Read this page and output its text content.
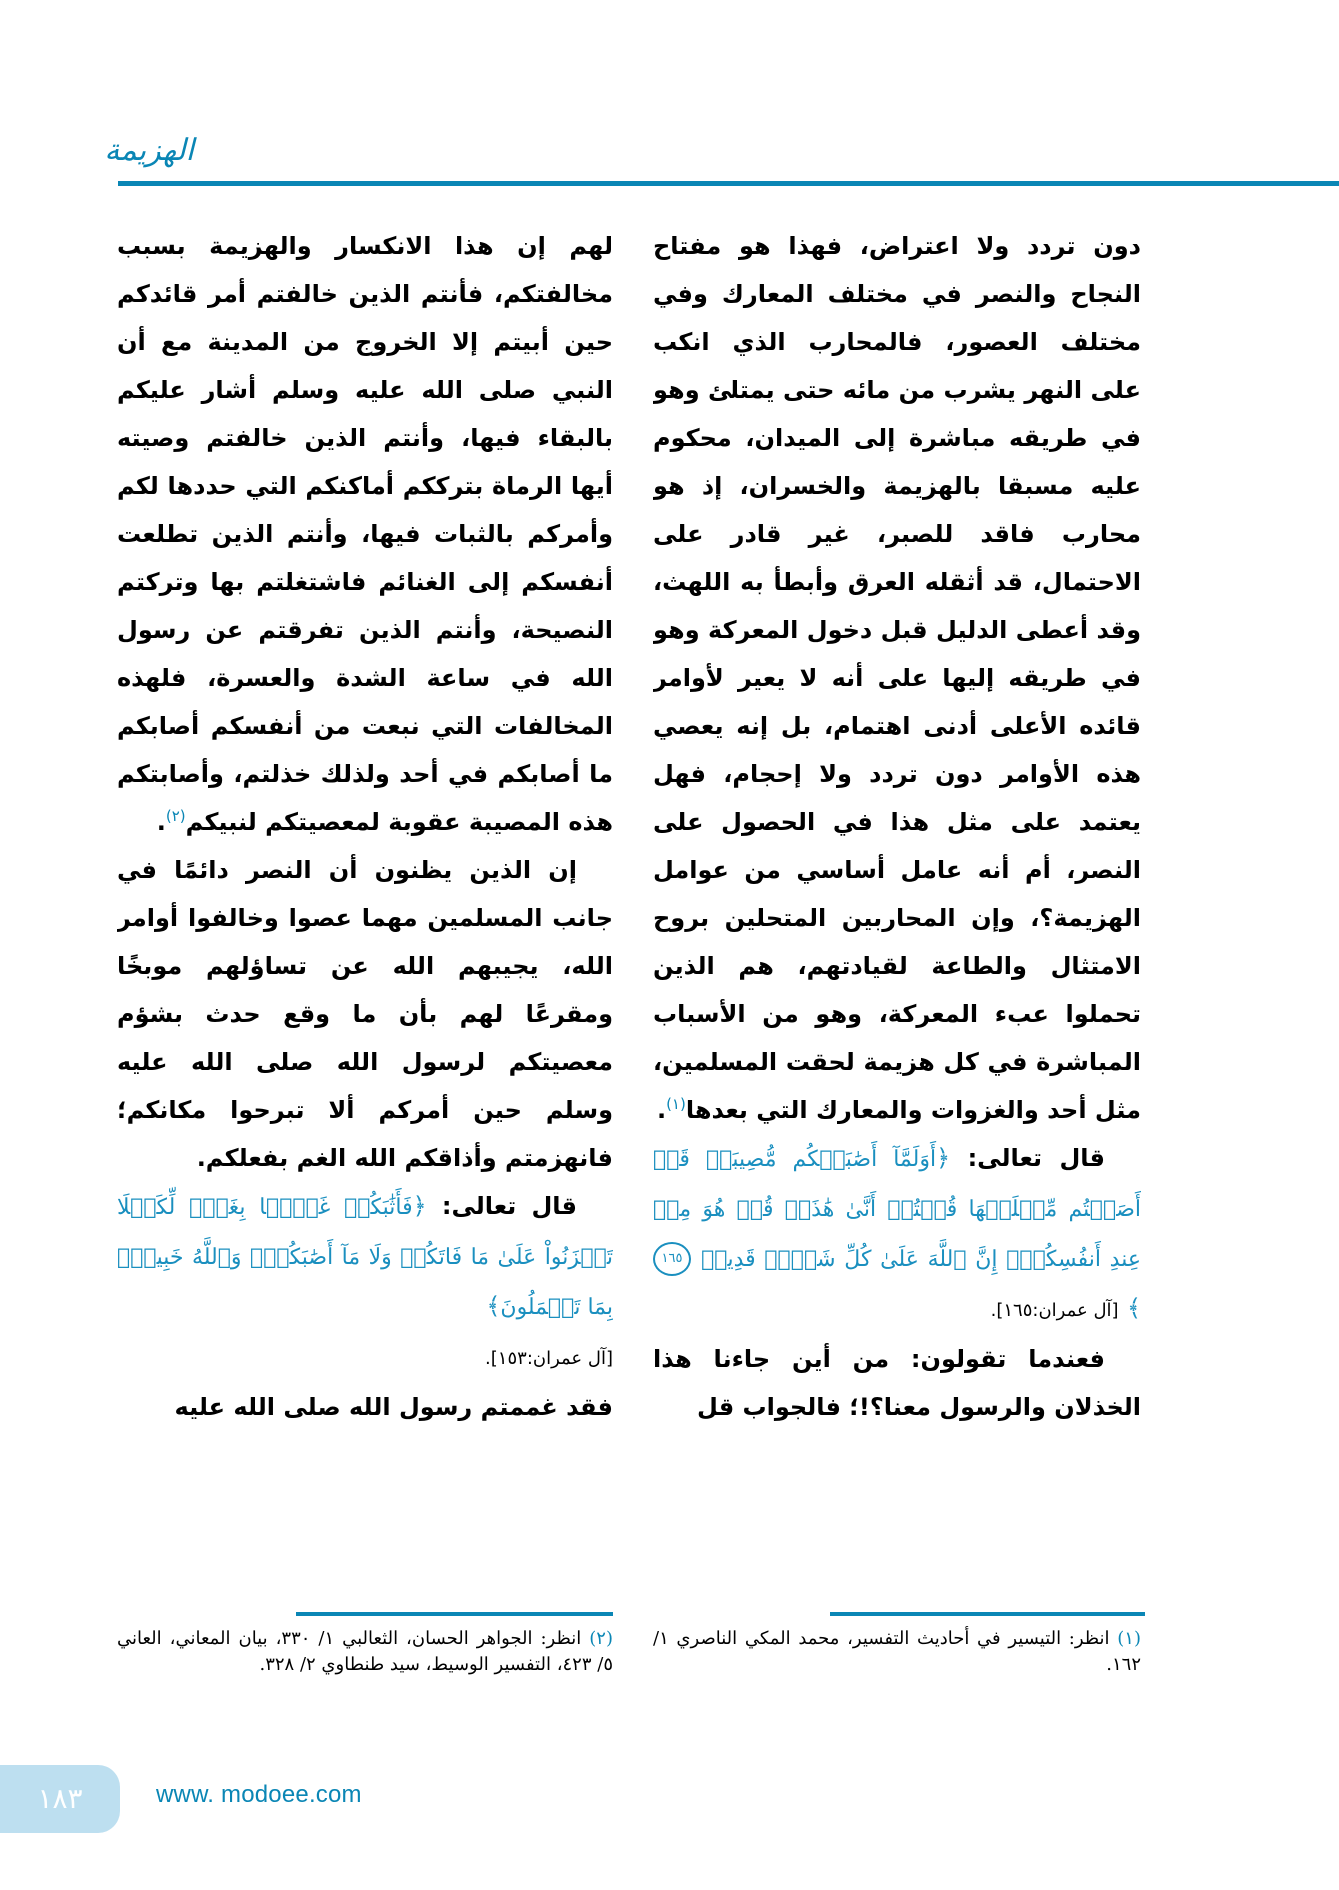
الهزيمة
دون تردد ولا اعتراض، فهذا هو مفتاح النجاح والنصر في مختلف المعارك وفي مختلف العصور، فالمحارب الذي انكب على النهر يشرب من مائه حتى يمتلئ وهو في طريقه مباشرة إلى الميدان، محكوم عليه مسبقا بالهزيمة والخسران، إذ هو محارب فاقد للصبر، غير قادر على الاحتمال، قد أثقله العرق وأبطأ به اللهث، وقد أعطى الدليل قبل دخول المعركة وهو في طريقه إليها على أنه لا يعير لأوامر قائده الأعلى أدنى اهتمام، بل إنه يعصي هذه الأوامر دون تردد ولا إحجام، فهل يعتمد على مثل هذا في الحصول على النصر، أم أنه عامل أساسي من عوامل الهزيمة؟، وإن المحاربين المتحلين بروح الامتثال والطاعة لقيادتهم، هم الذين تحملوا عبء المعركة، وهو من الأسباب المباشرة في كل هزيمة لحقت المسلمين، مثل أحد والغزوات والمعارك التي بعدها$^{(١)}$.
قال تعالى: ﴿أَوَلَمَّآ أَصَٰبَتۡكُم مُّصِيبَةٞ قَدۡ أَصَبۡتُم مِّثۡلَيۡهَا قُلۡتُمۡ أَنَّىٰ هَٰذَاۖ قُلۡ هُوَ مِنۡ عِندِ أَنفُسِكُمۡۗ إِنَّ ٱللَّهَ عَلَىٰ كُلِّ شَيۡءٖ قَدِيرٞ ١٦٥﴾ [آل عمران:١٦٥].
فعندما تقولون: من أين جاءنا هذا الخذلان والرسول معنا؟!؛ فالجواب قل
(١) انظر: التيسير في أحاديث التفسير، محمد المكي الناصري ١/ ١٦٢.
لهم إن هذا الانكسار والهزيمة بسبب مخالفتكم، فأنتم الذين خالفتم أمر قائدكم حين أبيتم إلا الخروج من المدينة مع أن النبي صلى الله عليه وسلم أشار عليكم بالبقاء فيها، وأنتم الذين خالفتم وصيته أيها الرماة بترككم أماكنكم التي حددها لكم وأمركم بالثبات فيها، وأنتم الذين تطلعت أنفسكم إلى الغنائم فاشتغلتم بها وتركتم النصيحة، وأنتم الذين تفرقتم عن رسول الله في ساعة الشدة والعسرة، فلهذه المخالفات التي نبعت من أنفسكم أصابكم ما أصابكم في أحد ولذلك خذلتم، وأصابتكم هذه المصيبة عقوبة لمعصيتكم لنبيكم$^{(٢)}$.
إن الذين يظنون أن النصر دائمًا في جانب المسلمين مهما عصوا وخالفوا أوامر الله، يجيبهم الله عن تساؤلهم موبخًا ومقرعًا لهم بأن ما وقع حدث بشؤم معصيتكم لرسول الله صلى الله عليه وسلم حين أمركم ألا تبرحوا مكانكم؛ فانهزمتم وأذاقكم الله الغم بفعلكم.
قال تعالى: ﴿فَأَثَٰبَكُمۡ غَمَّۢا بِغَمّٖ لِّكَيۡلَا تَحۡزَنُواْ عَلَىٰ مَا فَاتَكُمۡ وَلَا مَآ أَصَٰبَكُمۡۗ وَٱللَّهُ خَبِيرُۢ بِمَا تَعۡمَلُونَ﴾
[آل عمران:١٥٣].
فقد غممتم رسول الله صلى الله عليه
(٢) انظر: الجواهر الحسان، الثعالبي ١/ ٣٣٠، بيان المعاني، العاني ٥/ ٤٢٣، التفسير الوسيط، سيد طنطاوي ٢/ ٣٢٨.
١٨٣	www. modoee.com
